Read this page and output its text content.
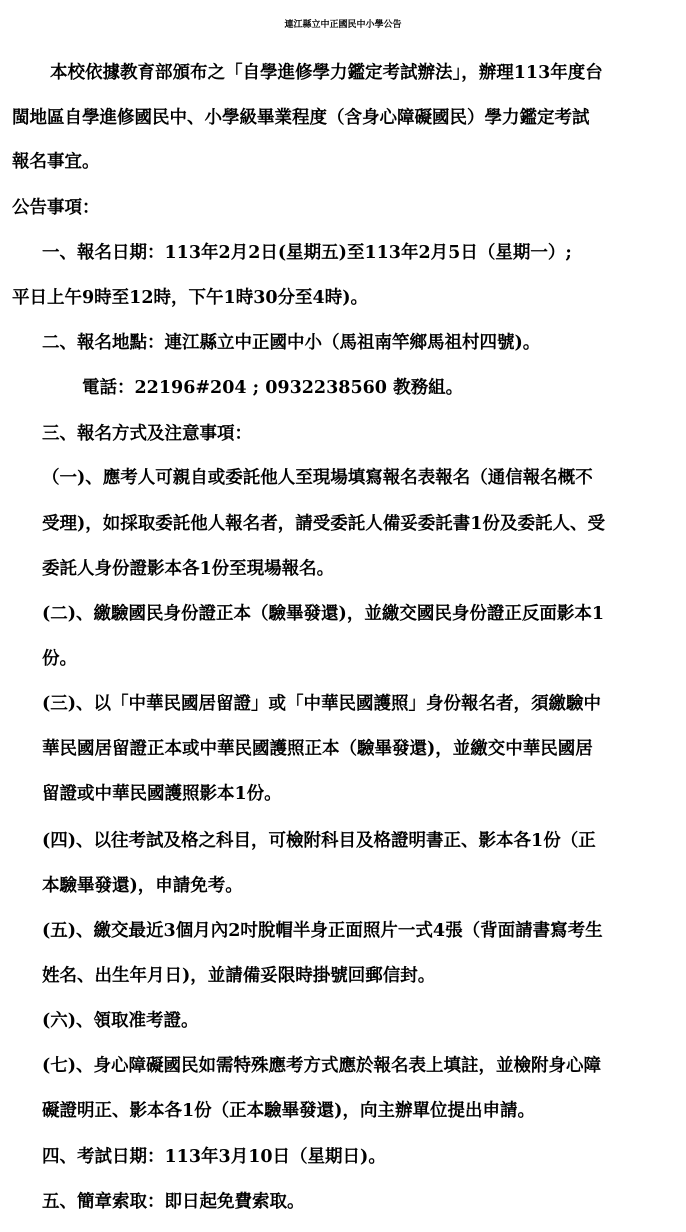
連江縣立中正國民中小學公告
本校依據教育部頒布之「自學進修學力鑑定考試辦法」，辦理113年度台
閩地區自學進修國民中、小學級畢業程度（含身心障礙國民）學力鑑定考試
報名事宜。
公告事項：
一、報名日期：113年2月2日(星期五)至113年2月5日（星期一）;
平日上午9時至12時，下午1時30分至4時)。
二、報名地點：連江縣立中正國中小（馬祖南竿鄉馬祖村四號)。
電話：22196#204 ; 0932238560 教務組。
三、報名方式及注意事項：
（一)、應考人可親自或委託他人至現場填寫報名表報名（通信報名概不
受理)，如採取委託他人報名者，請受委託人備妥委託書1份及委託人、受
委託人身份證影本各1份至現場報名。
(二)、繳驗國民身份證正本（驗畢發還)，並繳交國民身份證正反面影本1
份。
(三)、以「中華民國居留證」或「中華民國護照」身份報名者，須繳驗中
華民國居留證正本或中華民國護照正本（驗畢發還)，並繳交中華民國居
留證或中華民國護照影本1份。
(四)、以往考試及格之科目，可檢附科目及格證明書正、影本各1份（正
本驗畢發還)，申請免考。
(五)、繳交最近3個月內2吋脫帽半身正面照片一式4張（背面請書寫考生
姓名、出生年月日)，並請備妥限時掛號回郵信封。
(六)、領取准考證。
(七)、身心障礙國民如需特殊應考方式應於報名表上填註，並檢附身心障
礙證明正、影本各1份（正本驗畢發還)，向主辦單位提出申請。
四、考試日期：113年3月10日（星期日)。
五、簡章索取：即日起免費索取。
